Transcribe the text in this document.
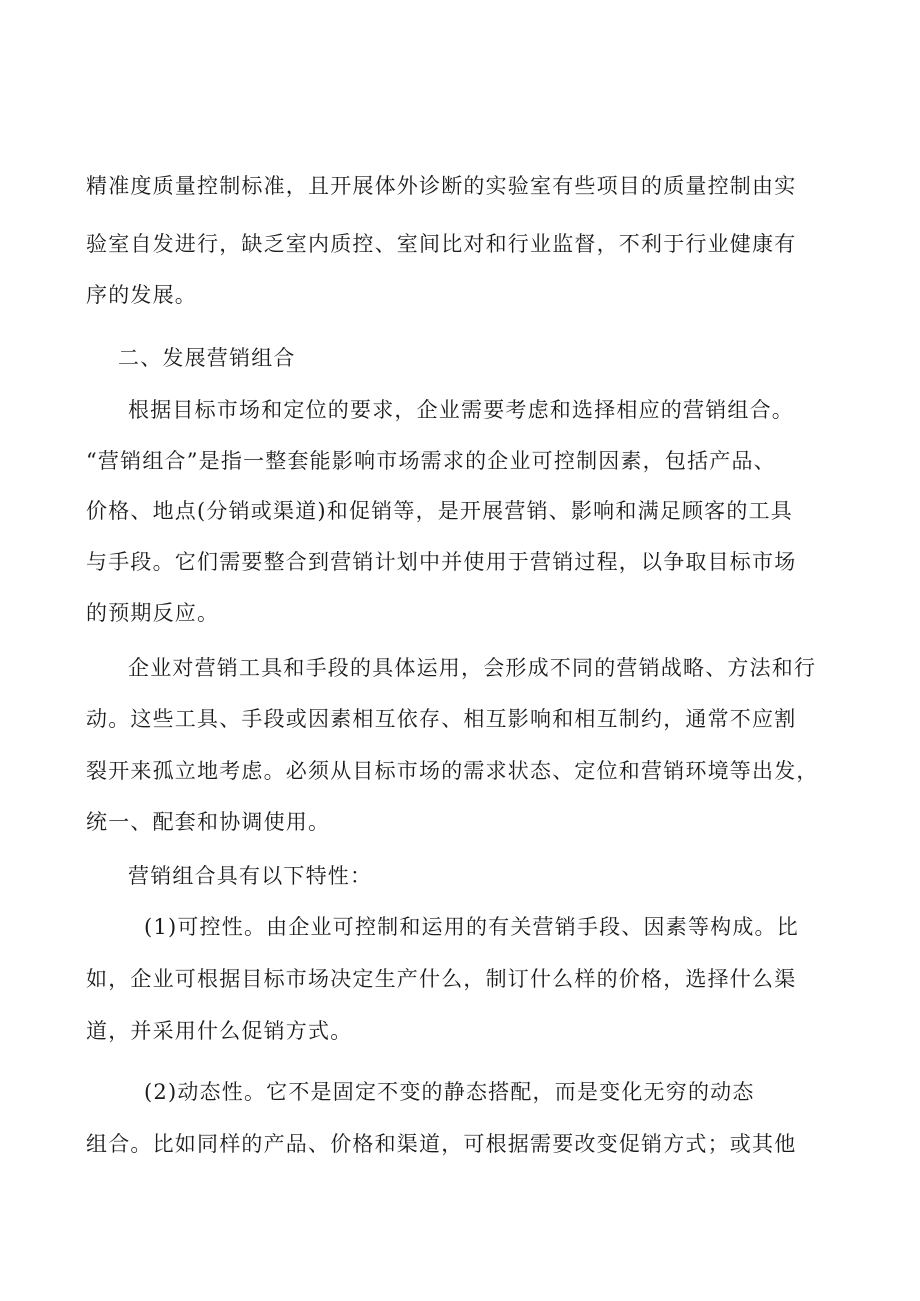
精准度质量控制标准，且开展体外诊断的实验室有些项目的质量控制由实
验室自发进行，缺乏室内质控、室间比对和行业监督，不利于行业健康有
序的发展。
二、发展营销组合
根据目标市场和定位的要求，企业需要考虑和选择相应的营销组合。
“营销组合”是指一整套能影响市场需求的企业可控制因素，包括产品、
价格、地点(分销或渠道)和促销等，是开展营销、影响和满足顾客的工具
与手段。它们需要整合到营销计划中并使用于营销过程，以争取目标市场
的预期反应。
企业对营销工具和手段的具体运用，会形成不同的营销战略、方法和行
动。这些工具、手段或因素相互依存、相互影响和相互制约，通常不应割
裂开来孤立地考虑。必须从目标市场的需求状态、定位和营销环境等出发，
统一、配套和协调使用。
营销组合具有以下特性：
(1)可控性。由企业可控制和运用的有关营销手段、因素等构成。比
如，企业可根据目标市场决定生产什么，制订什么样的价格，选择什么渠
道，并采用什么促销方式。
(2)动态性。它不是固定不变的静态搭配，而是变化无穷的动态
组合。比如同样的产品、价格和渠道，可根据需要改变促销方式；或其他
